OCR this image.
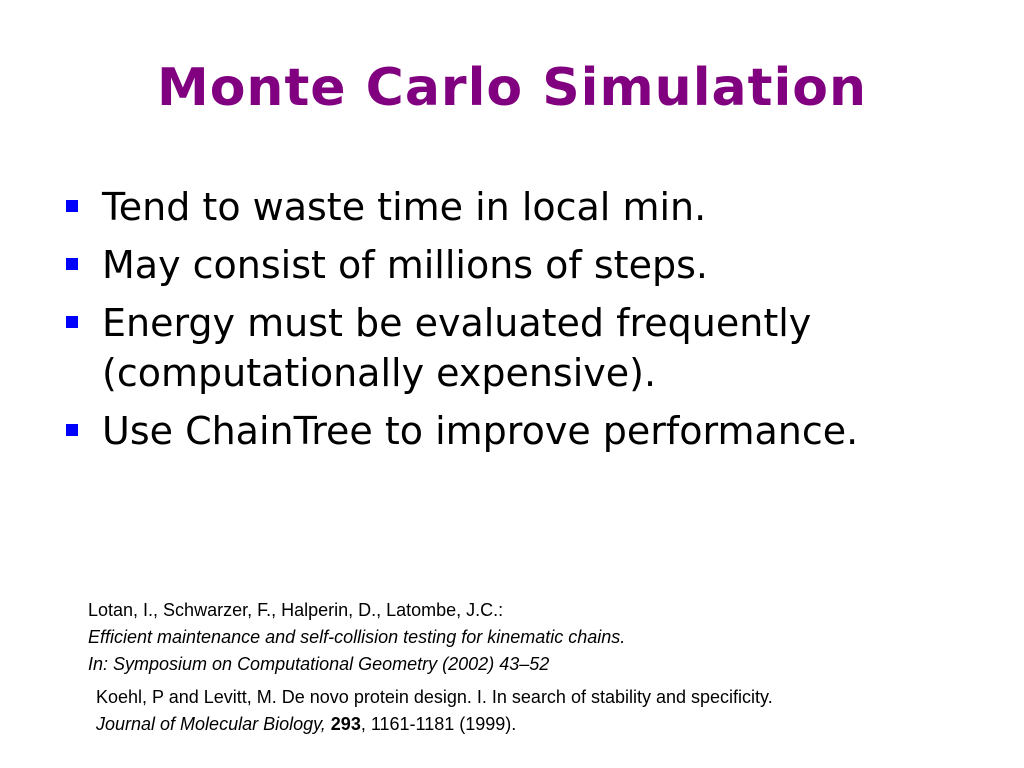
Monte Carlo Simulation
Tend to waste time in local min.
May consist of millions of steps.
Energy must be evaluated frequently
(computationally expensive).
Use ChainTree to improve performance.
Lotan, I., Schwarzer, F., Halperin, D., Latombe, J.C.:
Efficient maintenance and self-collision testing for kinematic chains.
In: Symposium on Computational Geometry (2002) 43–52
Koehl, P and Levitt, M. De novo protein design. I. In search of stability and specificity.
Journal of Molecular Biology, 293, 1161-1181 (1999).
